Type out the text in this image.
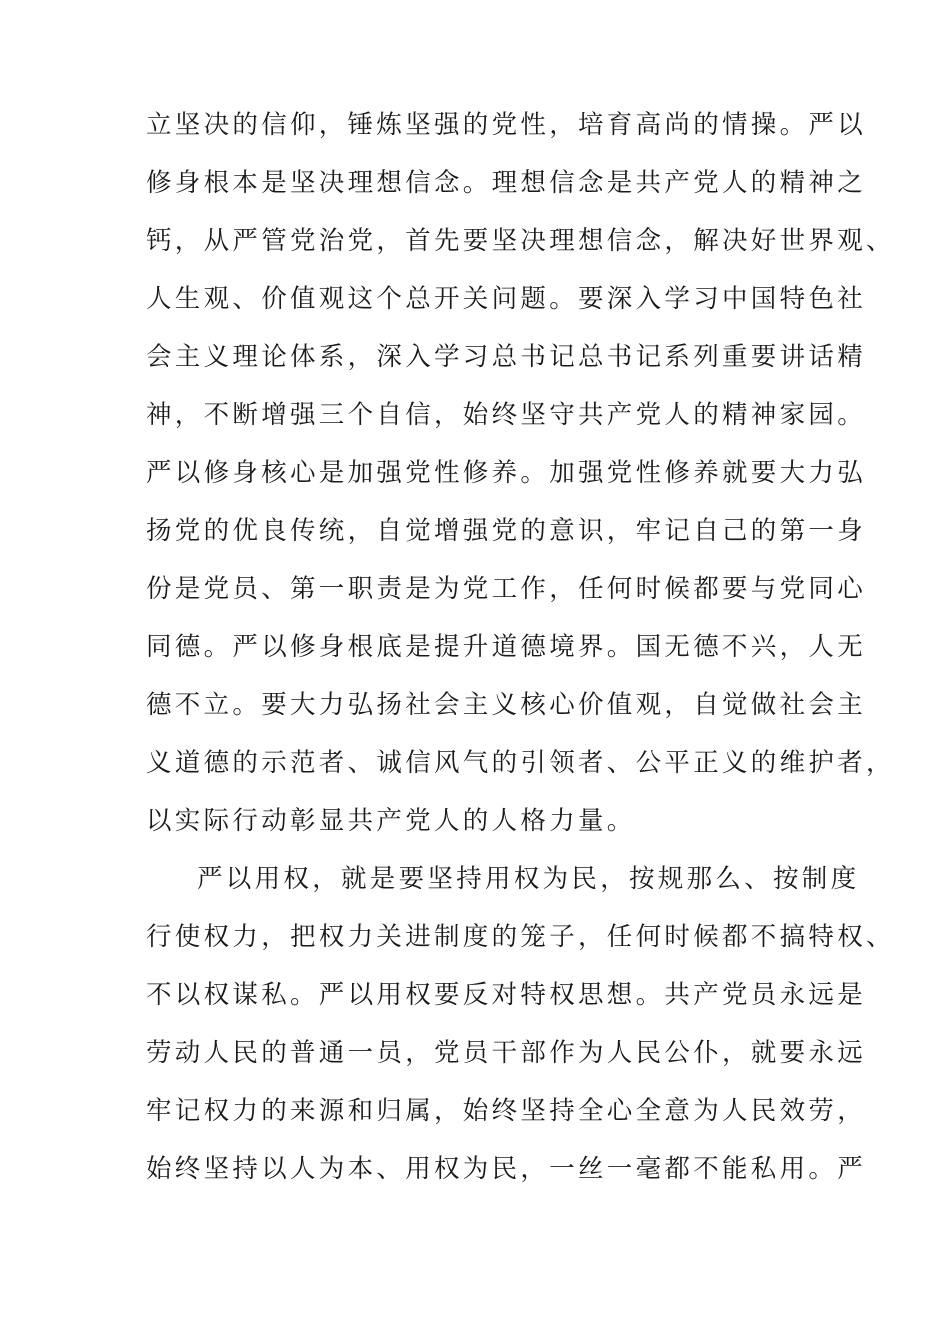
立坚决的信仰，锤炼坚强的党性，培育高尚的情操。严以
修身根本是坚决理想信念。理想信念是共产党人的精神之
钙，从严管党治党，首先要坚决理想信念，解决好世界观、
人生观、价值观这个总开关问题。要深入学习中国特色社
会主义理论体系，深入学习总书记总书记系列重要讲话精
神，不断增强三个自信，始终坚守共产党人的精神家园。
严以修身核心是加强党性修养。加强党性修养就要大力弘
扬党的优良传统，自觉增强党的意识，牢记自己的第一身
份是党员、第一职责是为党工作，任何时候都要与党同心
同德。严以修身根底是提升道德境界。国无德不兴，人无
德不立。要大力弘扬社会主义核心价值观，自觉做社会主
义道德的示范者、诚信风气的引领者、公平正义的维护者，
以实际行动彰显共产党人的人格力量。
严以用权，就是要坚持用权为民，按规那么、按制度
行使权力，把权力关进制度的笼子，任何时候都不搞特权、
不以权谋私。严以用权要反对特权思想。共产党员永远是
劳动人民的普通一员，党员干部作为人民公仆，就要永远
牢记权力的来源和归属，始终坚持全心全意为人民效劳，
始终坚持以人为本、用权为民，一丝一毫都不能私用。严
